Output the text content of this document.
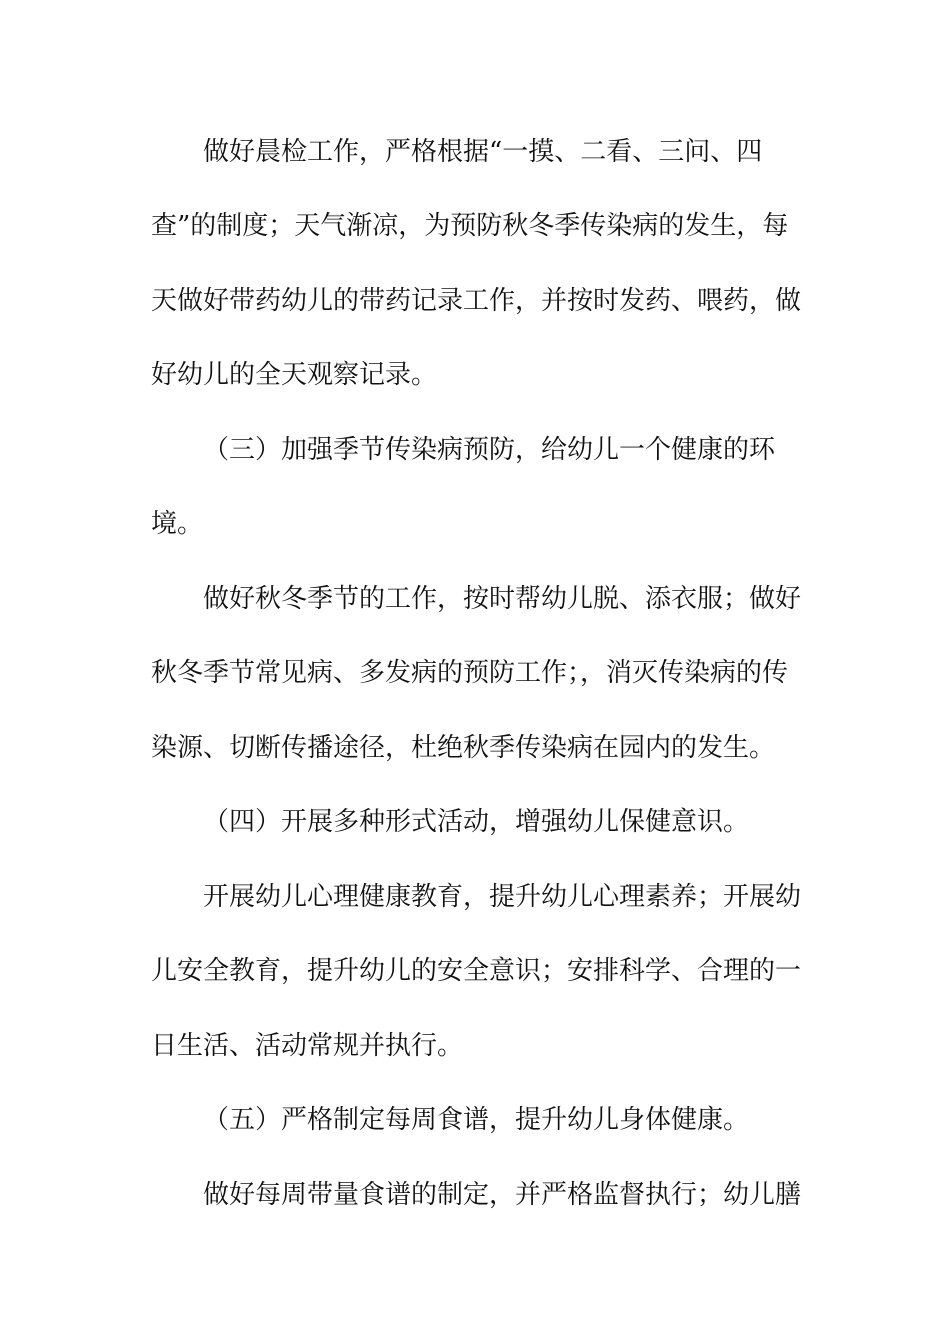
做好晨检工作，严格根据“一摸、二看、三问、四
查”的制度；天气渐凉，为预防秋冬季传染病的发生，每
天做好带药幼儿的带药记录工作，并按时发药、喂药，做
好幼儿的全天观察记录。
（三）加强季节传染病预防，给幼儿一个健康的环
境。
做好秋冬季节的工作，按时帮幼儿脱、添衣服；做好
秋冬季节常见病、多发病的预防工作；，消灭传染病的传
染源、切断传播途径，杜绝秋季传染病在园内的发生。
（四）开展多种形式活动，增强幼儿保健意识。
开展幼儿心理健康教育，提升幼儿心理素养；开展幼
儿安全教育，提升幼儿的安全意识；安排科学、合理的一
日生活、活动常规并执行。
（五）严格制定每周食谱，提升幼儿身体健康。
做好每周带量食谱的制定，并严格监督执行；幼儿膳
